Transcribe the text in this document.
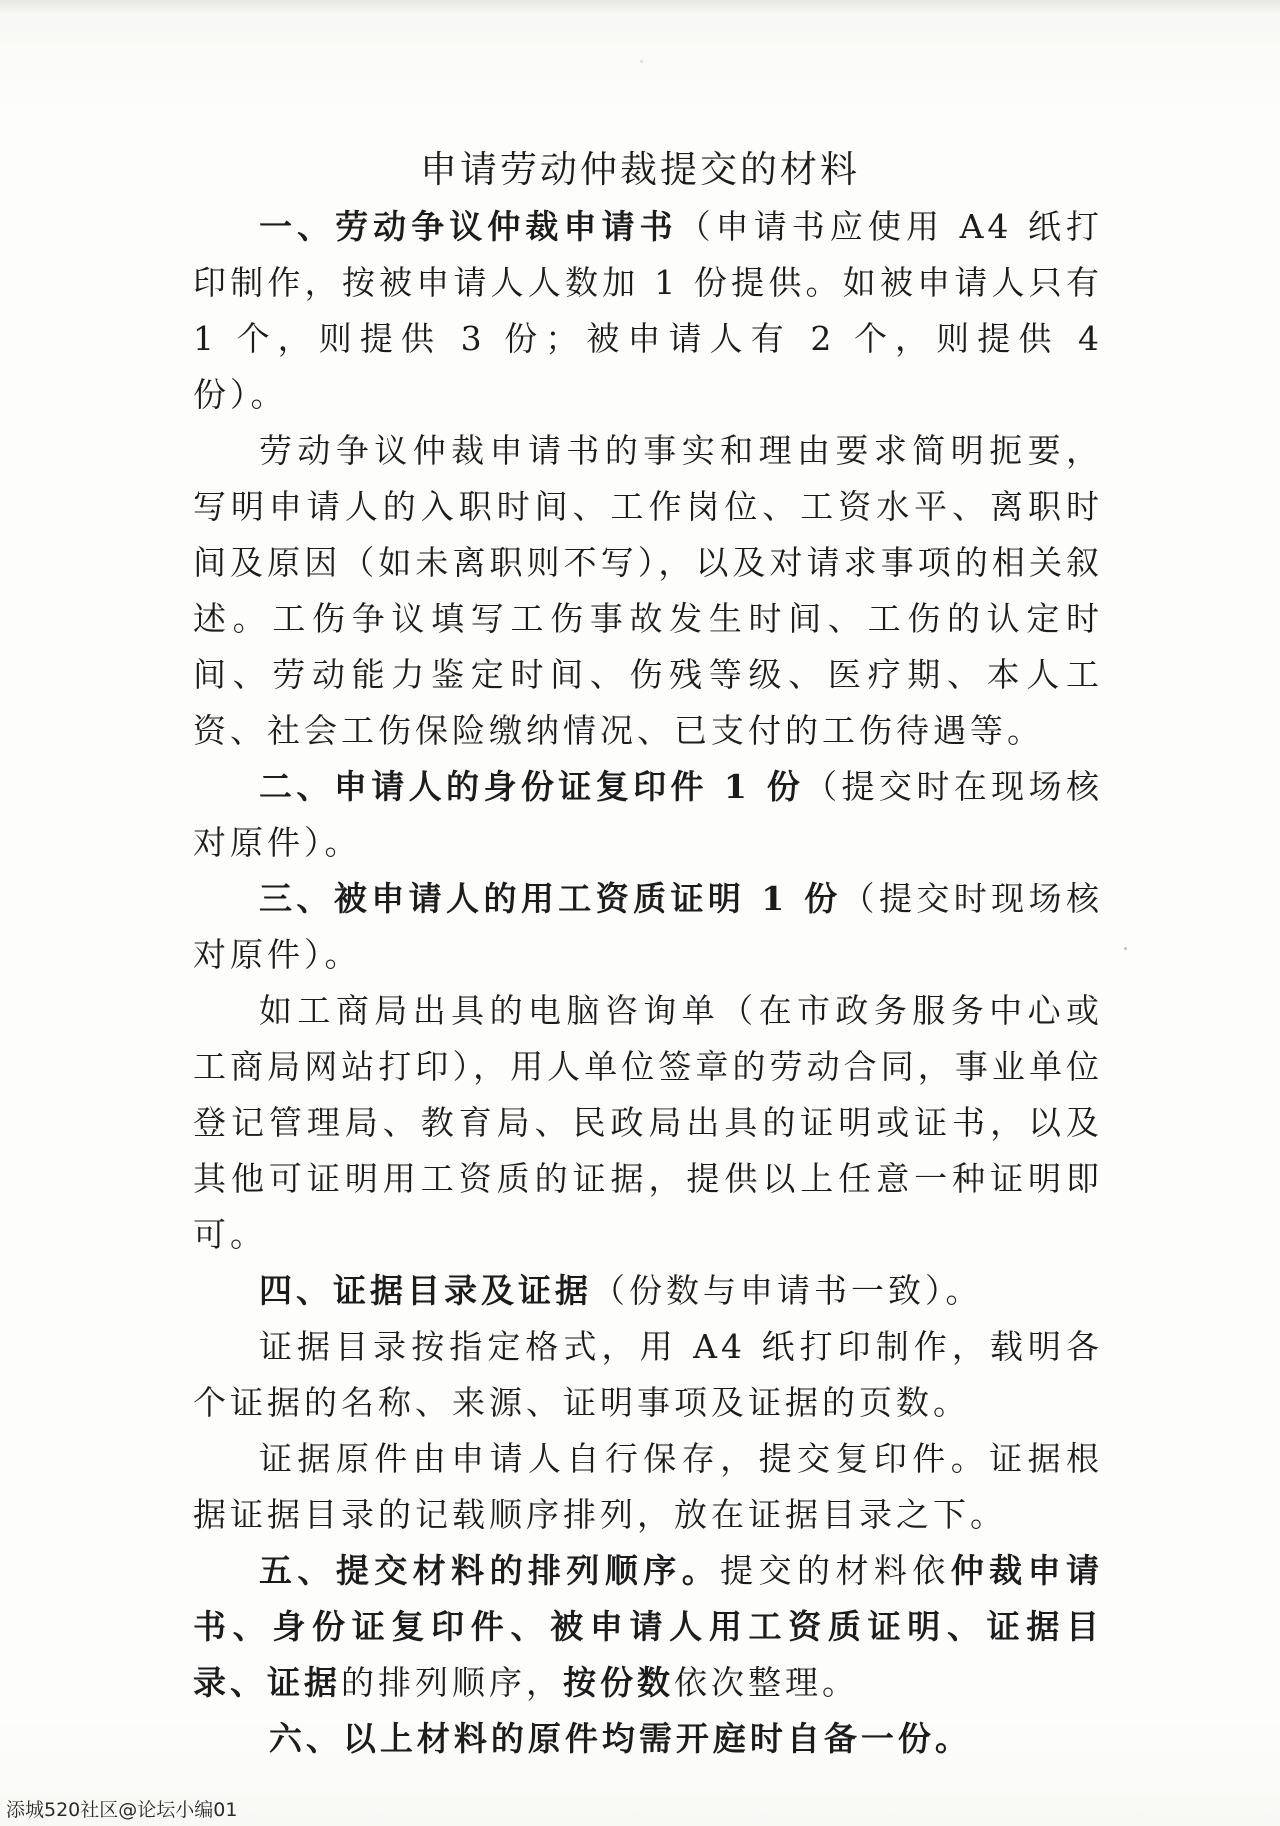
申请劳动仲裁提交的材料

一、劳动争议仲裁申请书（申请书应使用 A4 纸打印制作，按被申请人人数加 1 份提供。如被申请人只有 1 个，则提供 3 份；被申请人有 2 个，则提供 4 份）。

劳动争议仲裁申请书的事实和理由要求简明扼要，写明申请人的入职时间、工作岗位、工资水平、离职时间及原因（如未离职则不写），以及对请求事项的相关叙述。工伤争议填写工伤事故发生时间、工伤的认定时间、劳动能力鉴定时间、伤残等级、医疗期、本人工资、社会工伤保险缴纳情况、已支付的工伤待遇等。

二、申请人的身份证复印件 1 份（提交时在现场核对原件）。

三、被申请人的用工资质证明 1 份（提交时现场核对原件）。

如工商局出具的电脑咨询单（在市政务服务中心或工商局网站打印），用人单位签章的劳动合同，事业单位登记管理局、教育局、民政局出具的证明或证书，以及其他可证明用工资质的证据，提供以上任意一种证明即可。

四、证据目录及证据（份数与申请书一致）。

证据目录按指定格式，用 A4 纸打印制作，载明各个证据的名称、来源、证明事项及证据的页数。

证据原件由申请人自行保存，提交复印件。证据根据证据目录的记载顺序排列，放在证据目录之下。

五、提交材料的排列顺序。提交的材料依仲裁申请书、身份证复印件、被申请人用工资质证明、证据目录、证据的排列顺序，按份数依次整理。

六、以上材料的原件均需开庭时自备一份。

添城520社区@论坛小编01
